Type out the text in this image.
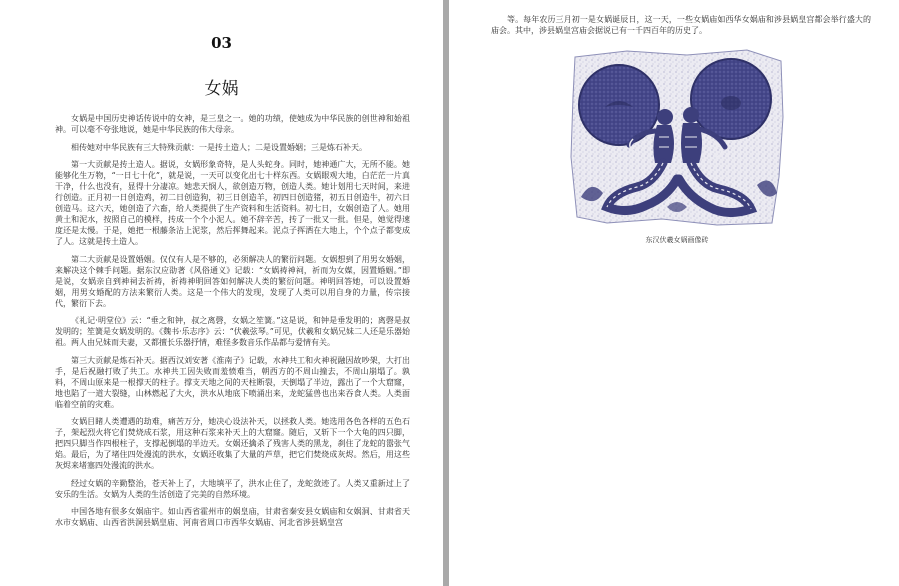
03
女娲

女娲是中国历史神话传说中的女神，是三皇之一。她的功绩，使她成为中华民族的创世神和始祖神。可以毫不夸张地说，她是中华民族的伟大母亲。

相传她对中华民族有三大特殊贡献：一是抟土造人；二是设置婚姻；三是炼石补天。

第一大贡献是抟土造人。据说，女娲形象奇特，是人头蛇身。同时，她神通广大，无所不能。她能够化生万物，“一日七十化”，就是说，一天可以变化出七十样东西。女娲眼观大地，白茫茫一片真干净，什么也没有，显得十分凄凉。她悲天悯人，欲创造万物，创造人类。她计划用七天时间，来进行创造。正月初一日创造鸡，初二日创造狗，初三日创造羊，初四日创造猪，初五日创造牛，初六日创造马。这六天，她创造了六畜，给人类提供了生产资料和生活资料。初七日，女娲创造了人。她用黄土和泥水，按照自己的模样，抟成一个个小泥人。她不辞辛苦，抟了一批又一批。但是，她觉得速度还是太慢。于是，她把一根藤条沾上泥浆，然后挥舞起来。泥点子挥洒在大地上，个个点子都变成了人。这就是抟土造人。

第二大贡献是设置婚姻。仅仅有人是不够的，必须解决人的繁衍问题。女娲想到了用男女婚姻，来解决这个棘手问题。据东汉应劭著《风俗通义》记载：“女娲祷神祠，祈而为女媒，因置婚姻。”即是说，女娲亲自到神祠去祈祷，祈祷神明回答如何解决人类的繁衍问题。神明回答她，可以设置婚姻，用男女婚配的方法来繁衍人类。这是一个伟大的发现，发现了人类可以用自身的力量，传宗接代，繁衍下去。

《礼记·明堂位》云：“垂之和钟，叔之离磬，女娲之笙簧。”这是说，和钟是垂发明的；离磬是叔发明的；笙簧是女娲发明的。《魏书·乐志序》云：“伏羲弦琴。”可见，伏羲和女娲兄妹二人还是乐器始祖。两人由兄妹而夫妻，又都擅长乐器抒情，难怪多数音乐作品都与爱情有关。

第三大贡献是炼石补天。据西汉刘安著《淮南子》记载，水神共工和火神祝融因故吵架，大打出手，是后祝融打败了共工。水神共工因失败而羞愤难当，朝西方的不周山撞去，不周山崩塌了。孰料，不周山原来是一根撑天的柱子。撑支天地之间的天柱断裂，天倒塌了半边，露出了一个大窟窿，地也陷了一道大裂缝，山林燃起了大火，洪水从地底下喷涌出来，龙蛇猛兽也出来吞食人类。人类面临着空前的灾难。

女娲目睹人类遭遇的劫难，痛苦万分，她决心设法补天，以拯救人类。她选用各色各样的五色石子，架起烈火将它们焚烧成石浆，用这种石浆来补天上的大窟窿。随后，又斩下一个大龟的四只脚，把四只脚当作四根柱子，支撑起倒塌的半边天。女娲还擒杀了残害人类的黑龙，刹住了龙蛇的嚣张气焰。最后，为了堵住四处漫流的洪水，女娲还收集了大量的芦草，把它们焚烧成灰烬。然后，用这些灰烬来堵塞四处漫流的洪水。

经过女娲的辛勤整治，苍天补上了，大地填平了，洪水止住了，龙蛇敛迹了。人类又重新过上了安乐的生活。女娲为人类的生活创造了完美的自然环境。

中国各地有很多女娲庙宇。如山西省霍州市的娲皇庙，甘肃省秦安县女娲庙和女娲洞、甘肃省天水市女娲庙、山西省洪洞县娲皇庙、河南省周口市西华女娲庙、河北省涉县娲皇宫

等。每年农历三月初一是女娲诞辰日，这一天，一些女娲庙如西华女娲庙和涉县娲皇宫都会举行盛大的庙会。其中，涉县娲皇宫庙会据说已有一千四百年的历史了。

东汉伏羲女娲画像砖
